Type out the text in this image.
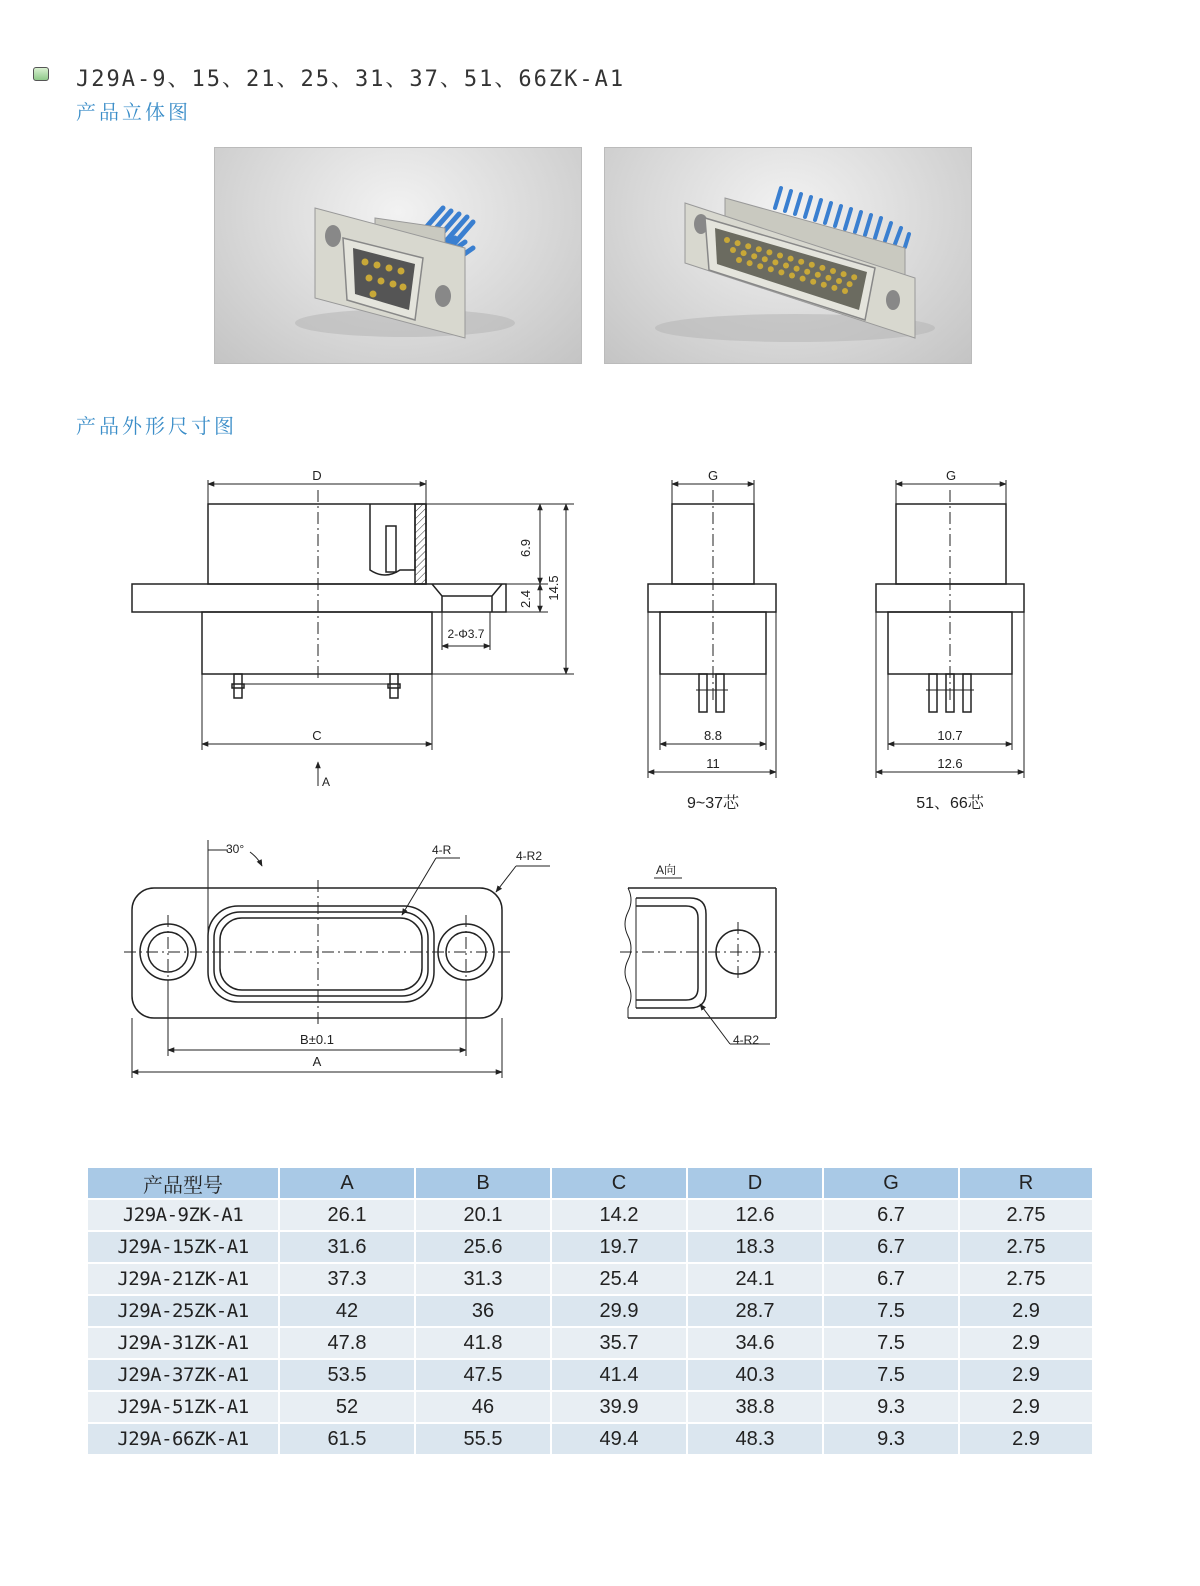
J29A-9、15、21、25、31、37、51、66ZK-A1
产品立体图
产品外形尺寸图
D
6.9
2.4 14.5
2-Φ3.7
C
A
G
8.8
11
9~37芯
G
10.7
12.6
51、66芯
30°	4-R	4-R2
B±0.1
A
A向
4-R2
产品型号	A	B	C	D	G	R
J29A-9ZK-A1	26.1	20.1	14.2	12.6	6.7	2.75
J29A-15ZK-A1	31.6	25.6	19.7	18.3	6.7	2.75
J29A-21ZK-A1	37.3	31.3	25.4	24.1	6.7	2.75
J29A-25ZK-A1	42	36	29.9	28.7	7.5	2.9
J29A-31ZK-A1	47.8	41.8	35.7	34.6	7.5	2.9
J29A-37ZK-A1	53.5	47.5	41.4	40.3	7.5	2.9
J29A-51ZK-A1	52	46	39.9	38.8	9.3	2.9
J29A-66ZK-A1	61.5	55.5	49.4	48.3	9.3	2.9
